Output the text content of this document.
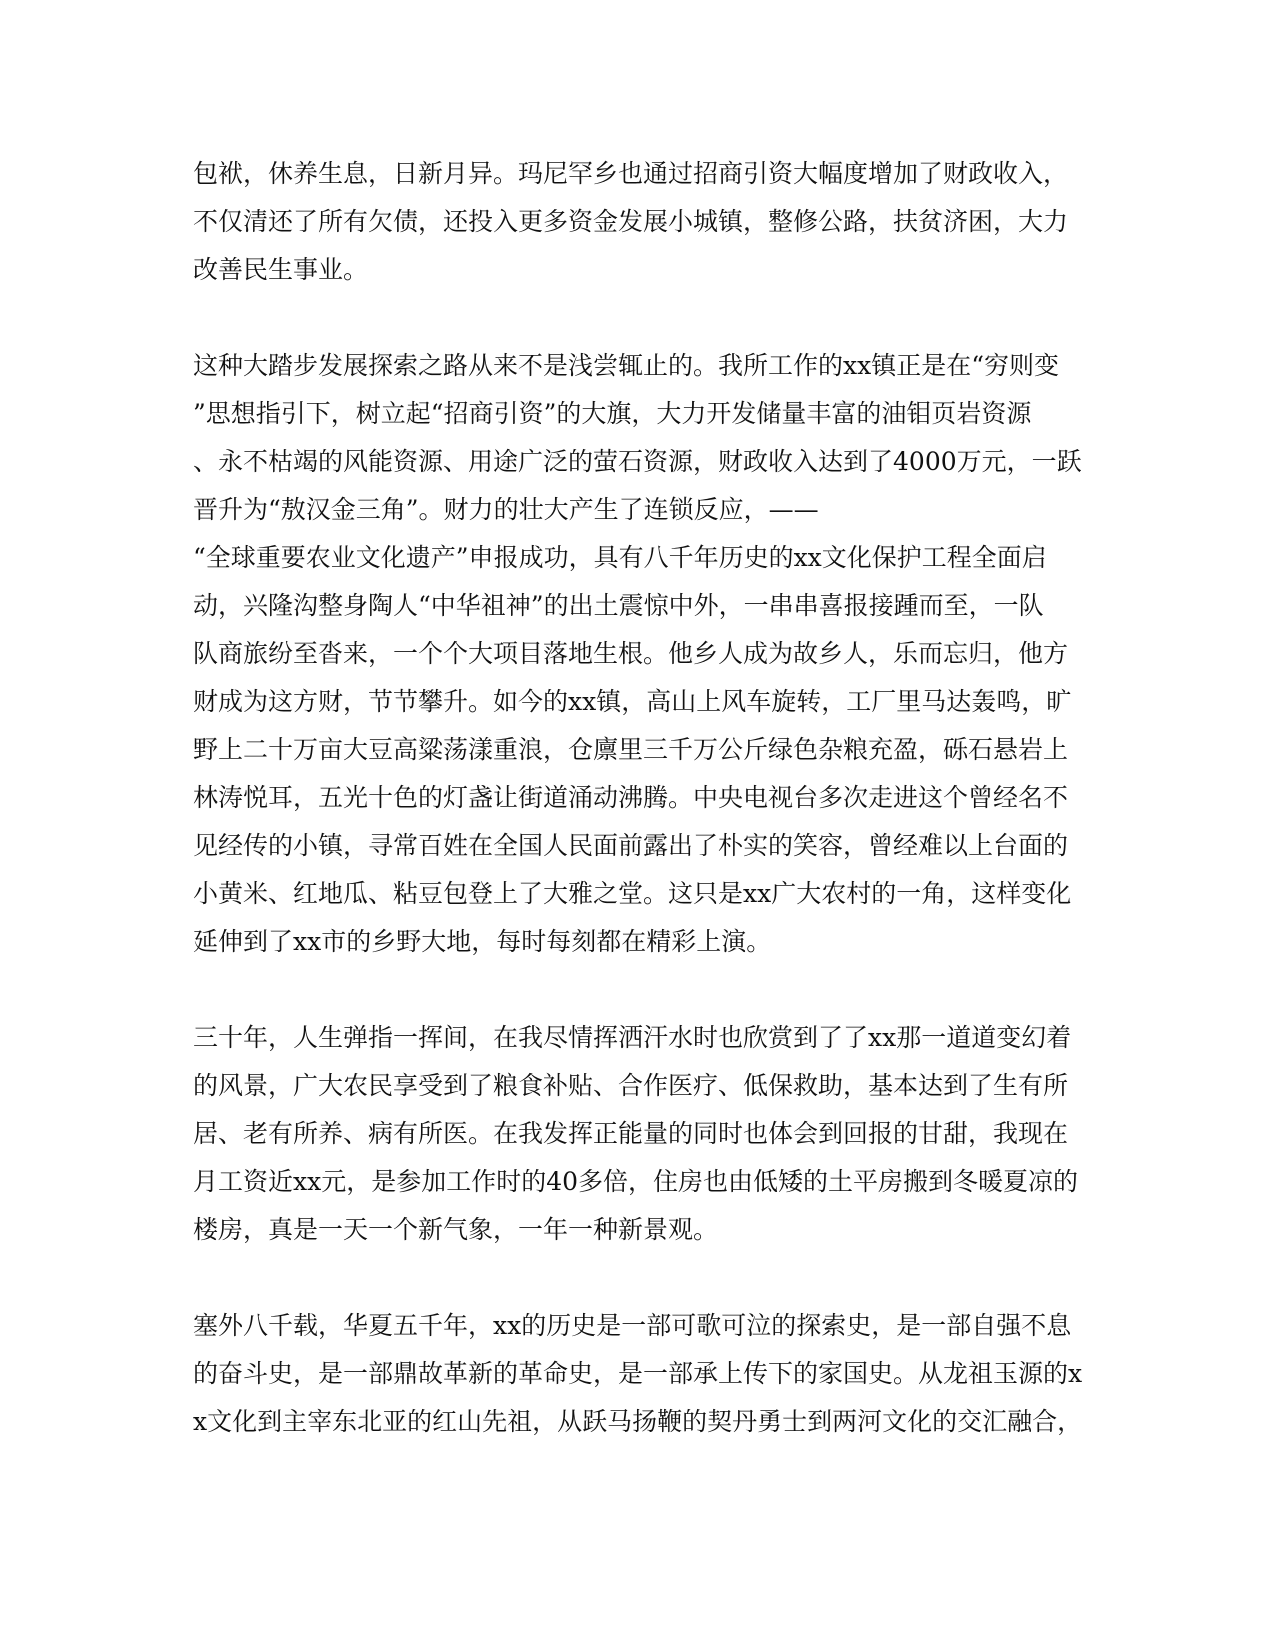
包袱，休养生息，日新月异。玛尼罕乡也通过招商引资大幅度增加了财政收入，
不仅清还了所有欠债，还投入更多资金发展小城镇，整修公路，扶贫济困，大力
改善民生事业。
这种大踏步发展探索之路从来不是浅尝辄止的。我所工作的xx镇正是在“穷则变
”思想指引下，树立起“招商引资”的大旗，大力开发储量丰富的油钼页岩资源
、永不枯竭的风能资源、用途广泛的萤石资源，财政收入达到了4000万元，一跃
晋升为“敖汉金三角”。财力的壮大产生了连锁反应，——
“全球重要农业文化遗产”申报成功，具有八千年历史的xx文化保护工程全面启
动，兴隆沟整身陶人“中华祖神”的出土震惊中外，一串串喜报接踵而至，一队
队商旅纷至沓来，一个个大项目落地生根。他乡人成为故乡人，乐而忘归，他方
财成为这方财，节节攀升。如今的xx镇，高山上风车旋转，工厂里马达轰鸣，旷
野上二十万亩大豆高粱荡漾重浪，仓廪里三千万公斤绿色杂粮充盈，砾石悬岩上
林涛悦耳，五光十色的灯盏让街道涌动沸腾。中央电视台多次走进这个曾经名不
见经传的小镇，寻常百姓在全国人民面前露出了朴实的笑容，曾经难以上台面的
小黄米、红地瓜、粘豆包登上了大雅之堂。这只是xx广大农村的一角，这样变化
延伸到了xx市的乡野大地，每时每刻都在精彩上演。
三十年，人生弹指一挥间，在我尽情挥洒汗水时也欣赏到了了xx那一道道变幻着
的风景，广大农民享受到了粮食补贴、合作医疗、低保救助，基本达到了生有所
居、老有所养、病有所医。在我发挥正能量的同时也体会到回报的甘甜，我现在
月工资近xx元，是参加工作时的40多倍，住房也由低矮的土平房搬到冬暖夏凉的
楼房，真是一天一个新气象，一年一种新景观。
塞外八千载，华夏五千年，xx的历史是一部可歌可泣的探索史，是一部自强不息
的奋斗史，是一部鼎故革新的革命史，是一部承上传下的家国史。从龙祖玉源的x
x文化到主宰东北亚的红山先祖，从跃马扬鞭的契丹勇士到两河文化的交汇融合，
